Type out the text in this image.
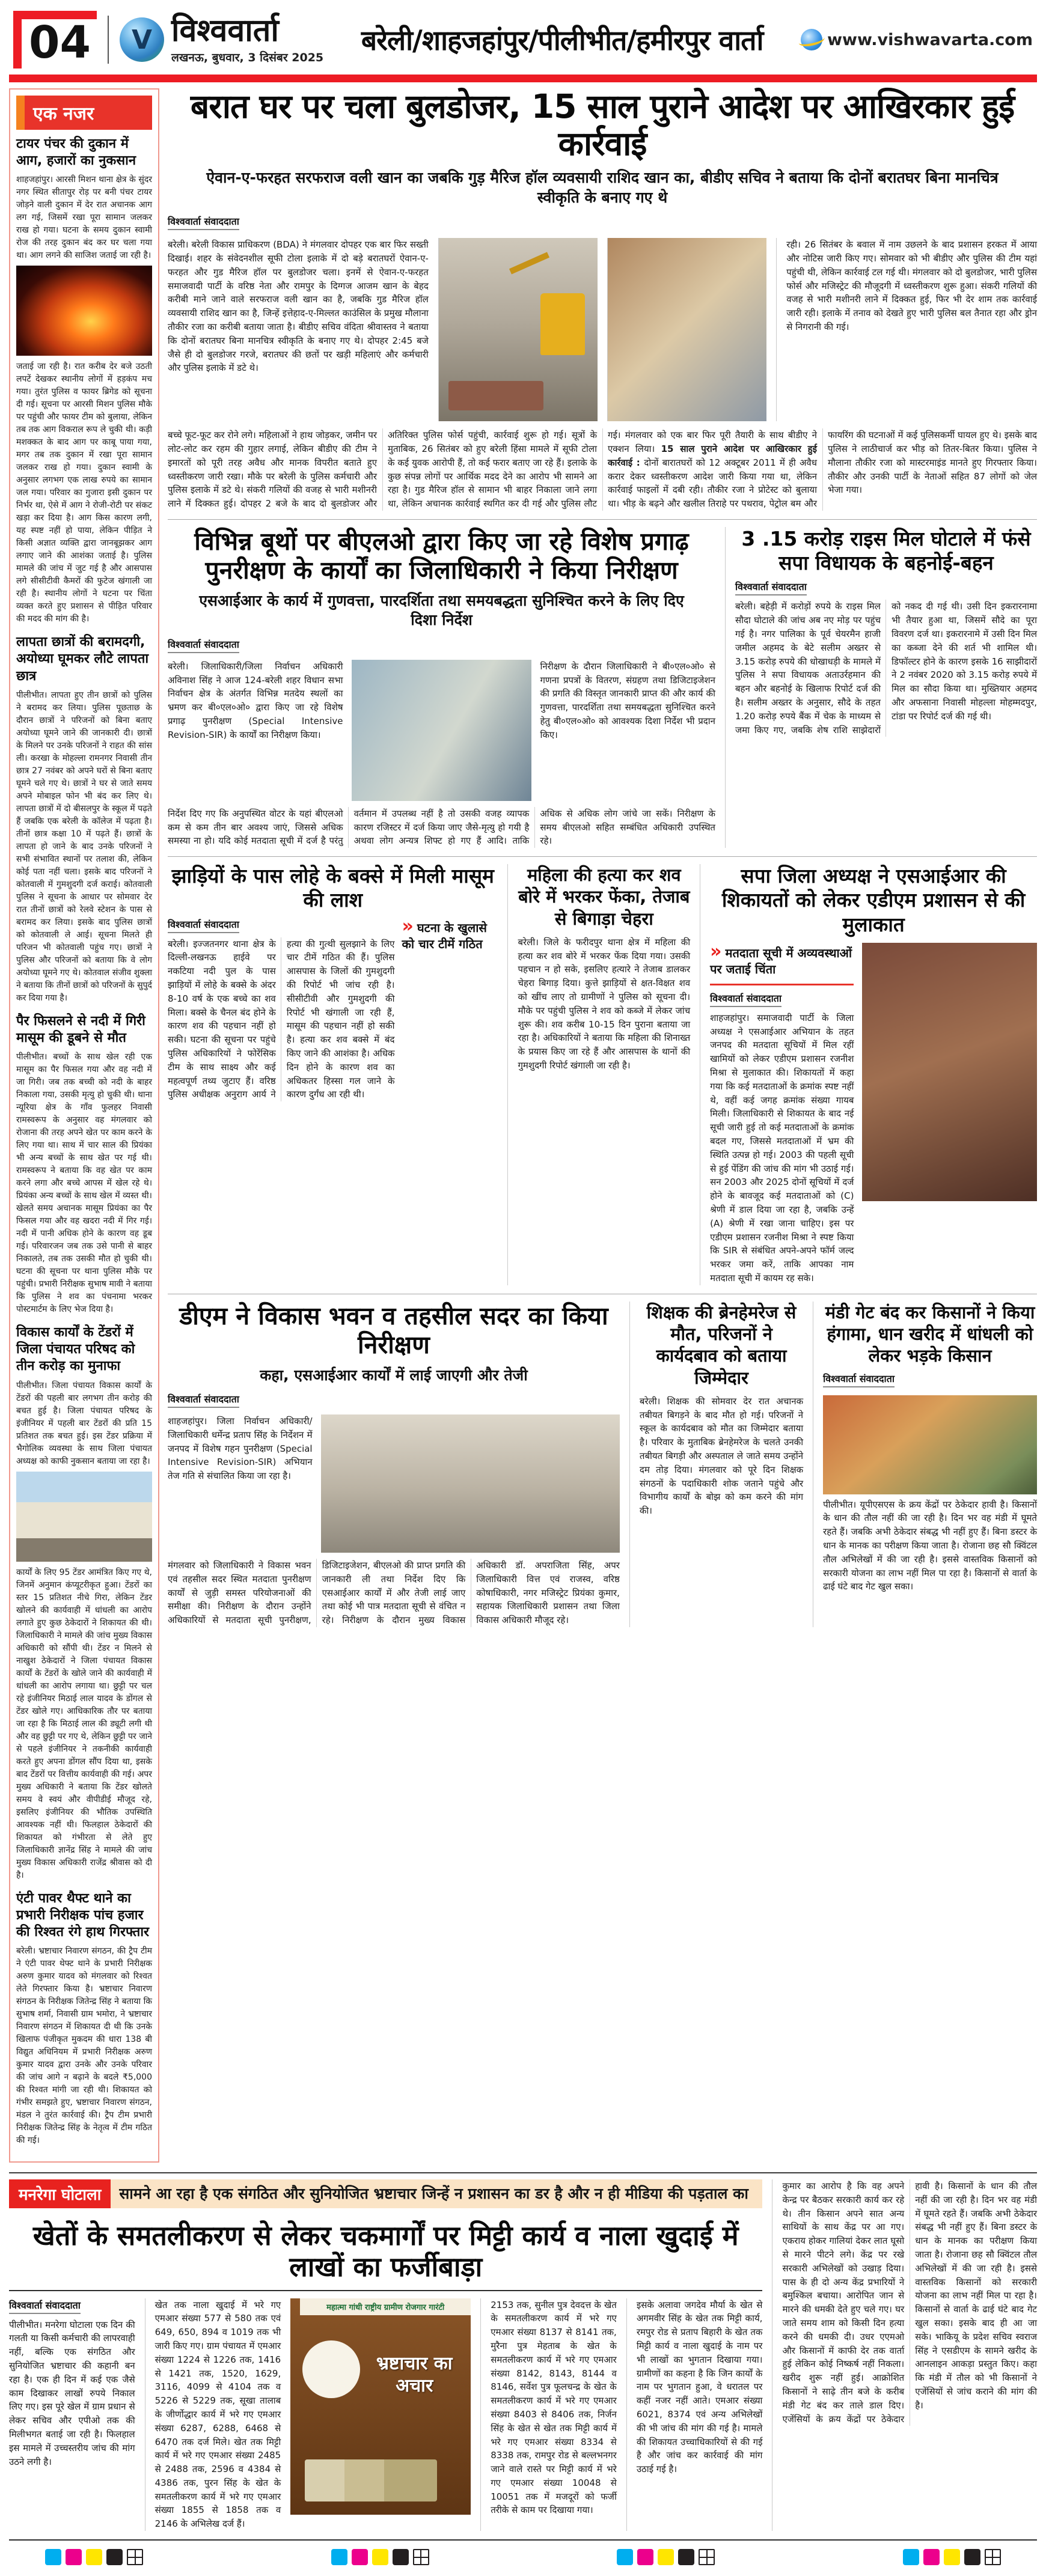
04	V विश्ववार्ता
लखनऊ, बुधवार, 3 दिसंबर 2025
बरेली/शाहजहांपुर/पीलीभीत/हमीरपुर वार्ता	www.vishwavarta.com
एक नजर
टायर पंचर की दुकान में आग, हजारों का नुकसान

शाहजहांपुर। आरसी मिशन थाना क्षेत्र के सुंदर नगर स्थित सीतापुर रोड़ पर बनी पंचर टायर जोड़ने वाली दुकान में देर रात अचानक आग लग गई, जिसमें रखा पूरा सामान जलकर राख हो गया। घटना के समय दुकान स्वामी रोज की तरह दुकान बंद कर घर चला गया था। आग लगने की साजिश जताई जा रही है।

जताई जा रही है। रात करीब देर बजे उठती लपटें देखकर स्थानीय लोगों में हड़कंप मच गया। तुरंत पुलिस व फायर ब्रिगेड को सूचना दी गई। सूचना पर आरसी मिशन पुलिस मौके पर पहुंची और फायर टीम को बुलाया, लेकिन तब तक आग विकराल रूप ले चुकी थी। कड़ी मशक्कत के बाद आग पर काबू पाया गया, मगर तब तक दुकान में रखा पूरा सामान जलकर राख हो गया। दुकान स्वामी के अनुसार लगभग एक लाख रुपये का सामान जल गया। परिवार का गुजारा इसी दुकान पर निर्भर था, ऐसे में आग ने रोजी-रोटी पर संकट खड़ा कर दिया है। आग किस कारण लगी, यह स्पष्ट नहीं हो पाया, लेकिन पीड़ित ने किसी अज्ञात व्यक्ति द्वारा जानबूझकर आग लगाए जाने की आशंका जताई है। पुलिस मामले की जांच में जुट गई है और आसपास लगे सीसीटीवी कैमरों की फुटेज खंगाली जा रही है। स्थानीय लोगों ने घटना पर चिंता व्यक्त करते हुए प्रशासन से पीड़ित परिवार की मदद की मांग की है।

लापता छात्रों की बरामदगी, अयोध्या घूमकर लौटे लापता छात्र

पीलीभीत। लापता हुए तीन छात्रों को पुलिस ने बरामद कर लिया। पुलिस पूछताछ के दौरान छात्रों ने परिजनों को बिना बताए अयोध्या घूमने जाने की जानकारी दी। छात्रों के मिलने पर उनके परिजनों ने राहत की सांस ली। करखा के मोहल्ला रामनगर निवासी तीन छात्र 27 नवंबर को अपने घरों से बिना बताए घूमने चले गए थे। छात्रों ने घर से जाते समय अपने मोबाइल फोन भी बंद कर लिए थे। लापता छात्रों में दो बीसलपुर के स्कूल में पढ़ते हैं जबकि एक बरेली के कॉलेज में पढ़ता है। तीनों छात्र कक्षा 10 में पढ़ते हैं। छात्रों के लापता हो जाने के बाद उनके परिजनों ने सभी संभावित स्थानों पर तलाश की, लेकिन कोई पता नहीं चला। इसके बाद परिजनों ने कोतवाली में गुमशुदगी दर्ज कराई। कोतवाली पुलिस ने सूचना के आधार पर सोमवार देर रात तीनों छात्रों को रेलवे स्टेशन के पास से बरामद कर लिया। इसके बाद पुलिस छात्रों को कोतवाली ले आई। सूचना मिलते ही परिजन भी कोतवाली पहुंच गए। छात्रों ने पुलिस और परिजनों को बताया कि वे लोग अयोध्या घूमने गए थे। कोतवाल संजीव शुक्ला ने बताया कि तीनों छात्रों को परिजनों के सुपुर्द कर दिया गया है।

पैर फिसलने से नदी में गिरी मासूम की डूबने से मौत

पीलीभीत। बच्चों के साथ खेल रही एक मासूम का पैर फिसल गया और वह नदी में जा गिरी। जब तक बच्ची को नदी के बाहर निकाला गया, उसकी मृत्यु हो चुकी थी। थाना न्यूरिया क्षेत्र के गाँव फुलहर निवासी रामस्वरूप के अनुसार वह मंगलवार को रोजाना की तरह अपने खेत पर काम करने के लिए गया था। साथ में चार साल की प्रियंका भी अन्य बच्चों के साथ खेत पर गई थी। रामस्वरूप ने बताया कि वह खेत पर काम करने लगा और बच्चे आपस में खेल रहे थे। प्रियंका अन्य बच्चों के साथ खेल में व्यस्त थी। खेलते समय अचानक मासूम प्रियंका का पैर फिसल गया और वह खदरा नदी में गिर गई। नदी में पानी अधिक होने के कारण वह डूब गई। परिवारजन जब तक उसे पानी से बाहर निकालते, तब तक उसकी मौत हो चुकी थी। घटना की सूचना पर थाना पुलिस मौके पर पहुंची। प्रभारी निरीक्षक सुभाष मावी ने बताया कि पुलिस ने शव का पंचनामा भरकर पोस्टमार्टम के लिए भेज दिया है।

विकास कार्यों के टेंडरों में जिला पंचायत परिषद को तीन करोड़ का मुनाफा

पीलीभीत। जिला पंचायत विकास कार्यों के टेंडरों की पहली बार लगभग तीन करोड़ की बचत हुई है। जिला पंचायत परिषद के इंजीनियर में पहली बार टेंडरों की प्रति 15 प्रतिशत तक बचत हुई। इस टेंडर प्रक्रिया में भैगोलिक व्यवस्था के साथ जिला पंचायत अध्यक्ष को काफी नुकसान बताया जा रहा है।

कार्यों के लिए 95 टेंडर आमंत्रित किए गए थे, जिनमें अनुमान कंप्यूटरीकृत हुआ। टेंडरों का स्तर 15 प्रतिशत नीचे गिरा, लेकिन टेंडर खोलने की कार्यवाही में धांधली का आरोप लगाते हुए कुछ ठेकेदारों ने शिकायत की थी। जिलाधिकारी ने मामले की जांच मुख्य विकास अधिकारी को सौंपी थी। टेंडर न मिलने से नाखुश ठेकेदारों ने जिला पंचायत विकास कार्यों के टेंडरों के खोले जाने की कार्यवाही में धांधली का आरोप लगाया था। छुट्टी पर चल रहे इंजीनियर मिठाई लाल यादव के डोंगल से टेंडर खोले गए। आधिकारिक तौर पर बताया जा रहा है कि मिठाई लाल की ड्यूटी लगी थी और वह छुट्टी पर गए थे, लेकिन छुट्टी पर जाने से पहले इंजीनियर ने तकनीकी कार्यवाही करते हुए अपना डोंगल सौंप दिया था, इसके बाद टेंडरों पर वित्तीय कार्यवाही की गई। अपर मुख्य अधिकारी ने बताया कि टेंडर खोलते समय वे स्वयं और वीपीडीई मौजूद रहे, इसलिए इंजीनियर की भौतिक उपस्थिति आवश्यक नहीं थी। फिलहाल ठेकेदारों की शिकायत को गंभीरता से लेते हुए जिलाधिकारी ज्ञानेंद्र सिंह ने मामले की जांच मुख्य विकास अधिकारी राजेंद्र श्रीवास को दी है।

एंटी पावर थैफ्ट थाने का प्रभारी निरीक्षक पांच हजार की रिश्वत रंगे हाथ गिरफ्तार

बरेली। भ्रष्टाचार निवारण संगठन, की ट्रैप टीम ने एंटी पावर थेफ्ट थाने के प्रभारी निरीक्षक अरुण कुमार यादव को मंगलवार को रिश्वत लेते गिरफ्तार किया है। भ्रष्टाचार निवारण संगठन के निरीक्षक जितेन्द्र सिंह ने बताया कि सुभाष शर्मा, निवासी ग्राम भमोरा, ने भ्रष्टाचार निवारण संगठन में शिकायत दी थी कि उनके खिलाफ पंजीकृत मुकदम की धारा 138 बी विद्युत अधिनियम में प्रभारी निरीक्षक अरुण कुमार यादव द्वारा उनके और उनके परिवार की जांच आगे न बढ़ाने के बदले ₹5,000 की रिश्वत मांगी जा रही थी। शिकायत को गंभीर समझते हुए, भ्रष्टाचार निवारण संगठन, मंडल ने तुरंत कार्रवाई की। ट्रैप टीम प्रभारी निरीक्षक जितेन्द्र सिंह के नेतृत्व में टीम गठित की गई।

बरात घर पर चला बुलडोजर, 15 साल पुराने आदेश पर आखिरकार हुई कार्रवाई
ऐवान-ए-फरहत सरफराज वली खान का जबकि गुड़ मैरिज हॉल व्यवसायी राशिद खान का, बीडीए सचिव ने बताया कि दोनों बरातघर बिना मानचित्र स्वीकृति के बनाए गए थे
विश्ववार्ता संवाददाता

बरेली। बरेली विकास प्राधिकरण (BDA) ने मंगलवार दोपहर एक बार फिर सख्ती दिखाई। शहर के संवेदनशील सूफी टोला इलाके में दो बड़े बरातघरों ऐवान-ए-फरहत और गुड मैरिज हॉल पर बुलडोजर चला। इनमें से ऐवान-ए-फरहत समाजवादी पार्टी के वरिष्ठ नेता और रामपुर के दिग्गज आजम खान के बेहद करीबी माने जाने वाले सरफराज वली खान का है, जबकि गुड मैरिज हॉल व्यवसायी राशिद खान का है, जिन्हें इत्तेहाद-ए-मिल्लत काउंसिल के प्रमुख मौलाना तौकीर रजा का करीबी बताया जाता है। बीडीए सचिव वंदिता श्रीवास्तव ने बताया कि दोनों बरातघर बिना मानचित्र स्वीकृति के बनाए गए थे। दोपहर 2:45 बजे जैसे ही दो बुलडोजर गरजे, बरातघर की छतों पर खड़ी महिलाएं और कर्मचारी और पुलिस इलाके में डटे थे।

रही। 26 सितंबर के बवाल में नाम उछलने के बाद प्रशासन हरकत में आया और नोटिस जारी किए गए। सोमवार को भी बीडीए और पुलिस की टीम यहां पहुंची थी, लेकिन कार्रवाई टल गई थी। मंगलवार को दो बुलडोजर, भारी पुलिस फोर्स और मजिस्ट्रेट की मौजूदगी में ध्वस्तीकरण शुरू हुआ। संकरी गलियों की वजह से भारी मशीनरी लाने में दिक्कत हुई, फिर भी देर शाम तक कार्रवाई जारी रही। इलाके में तनाव को देखते हुए भारी पुलिस बल तैनात रहा और ड्रोन से निगरानी की गई।

बच्चे फूट-फूट कर रोने लगे। महिलाओं ने हाथ जोड़कर, जमीन पर लोट-लोट कर रहम की गुहार लगाई, लेकिन बीडीए की टीम ने इमारतों को पूरी तरह अवैध और मानक विपरीत बताते हुए ध्वस्तीकरण जारी रखा। मौके पर बरेली के पुलिस कर्मचारी और पुलिस इलाके में डटे थे। संकरी गलियों की वजह से भारी मशीनरी लाने में दिक्कत हुई। दोपहर 2 बजे के बाद दो बुलडोजर और अतिरिक्त पुलिस फोर्स पहुंची, कार्रवाई शुरू हो गई। सूत्रों के मुताबिक, 26 सितंबर को हुए बरेली हिंसा मामले में सूफी टोला के कई युवक आरोपी हैं, तो कई फरार बताए जा रहे हैं। इलाके के कुछ संपन्न लोगों पर आर्थिक मदद देने का आरोप भी सामने आ रहा है। गुड मैरिज हॉल से सामान भी बाहर निकाला जाने लगा था, लेकिन अचानक कार्रवाई स्थगित कर दी गई और पुलिस लौट गई। मंगलवार को एक बार फिर पूरी तैयारी के साथ बीडीए ने एक्शन लिया। 15 साल पुराने आदेश पर आखिरकार हुई कार्रवाई : दोनों बारातघरों को 12 अक्टूबर 2011 में ही अवैध करार देकर ध्वस्तीकरण आदेश जारी किया गया था, लेकिन कार्रवाई फाइलों में दबी रही। तौकीर रजा ने प्रोटेस्ट को बुलाया था। भीड़ के बढ़ने और खलील तिराहे पर पथराव, पेट्रोल बम और फायरिंग की घटनाओं में कई पुलिसकर्मी घायल हुए थे। इसके बाद पुलिस ने लाठीचार्ज कर भीड़ को तितर-बितर किया। पुलिस ने मौलाना तौकीर रजा को मास्टरमाइंड मानते हुए गिरफ्तार किया। तौकीर और उनकी पार्टी के नेताओं सहित 87 लोगों को जेल भेजा गया।

विभिन्न बूथों पर बीएलओ द्वारा किए जा रहे विशेष प्रगाढ़ पुनरीक्षण के कार्यों का जिलाधिकारी ने किया निरीक्षण
एसआईआर के कार्य में गुणवत्ता, पारदर्शिता तथा समयबद्धता सुनिश्चित करने के लिए दिए दिशा निर्देश
विश्ववार्ता संवाददाता

बरेली। जिलाधिकारी/जिला निर्वाचन अधिकारी अविनाश सिंह ने आज 124-बरेली शहर विधान सभा निर्वाचन क्षेत्र के अंतर्गत विभिन्न मतदेय स्थलों का भ्रमण कर बी०एल०ओ० द्वारा किए जा रहे विशेष प्रगाढ़ पुनरीक्षण (Special Intensive Revision-SIR) के कार्यों का निरीक्षण किया।

निरीक्षण के दौरान जिलाधिकारी ने बी०एल०ओ० से गणना प्रपत्रों के वितरण, संग्रहण तथा डिजिटाइजेशन की प्रगति की विस्तृत जानकारी प्राप्त की और कार्य की गुणवत्ता, पारदर्शिता तथा समयबद्धता सुनिश्चित करने हेतु बी०एल०ओ० को आवश्यक दिशा निर्देश भी प्रदान किए।

निर्देश दिए गए कि अनुपस्थित वोटर के यहां बीएलओ कम से कम तीन बार अवश्य जाएं, जिससे अधिक समस्या ना हो। यदि कोई मतदाता सूची में दर्ज है परंतु वर्तमान में उपलब्ध नहीं है तो उसकी वजह व्यापक कारण रजिस्टर में दर्ज किया जाए जैसे-मृत्यु हो गयी है अथवा लोग अन्यत्र शिफ्ट हो गए हैं आदि। ताकि अधिक से अधिक लोग जांचे जा सकें। निरीक्षण के समय बीएलओ सहित सम्बंधित अधिकारी उपस्थित रहे।

3 .15 करोड़ राइस मिल घोटाले में फंसे सपा विधायक के बहनोई-बहन
विश्ववार्ता संवाददाता

बरेली। बहेड़ी में करोड़ों रुपये के राइस मिल सौदा घोटाले की जांच अब नए मोड़ पर पहुंच गई है। नगर पालिका के पूर्व चेयरमैन हाजी जमील अहमद के बेटे सलीम अख्तर से 3.15 करोड़ रुपये की धोखाधड़ी के मामले में पुलिस ने सपा विधायक अताउर्रहमान की बहन और बहनोई के खिलाफ रिपोर्ट दर्ज की है। सलीम अख्तर के अनुसार, सौदे के तहत 1.20 करोड़ रुपये बैंक में चेक के माध्यम से जमा किए गए, जबकि शेष राशि साझेदारों को नकद दी गई थी। उसी दिन इकरारनामा भी तैयार हुआ था, जिसमें सौदे का पूरा विवरण दर्ज था। इकरारनामे में उसी दिन मिल का कब्जा देने की शर्त भी शामिल थी। डिफॉल्टर होने के कारण इसके 16 साझीदारों ने 2 नवंबर 2020 को 3.15 करोड़ रुपये में मिल का सौदा किया था। मुख्तियार अहमद और अफसाना निवासी मोहल्ला मोहम्मदपुर, टांडा पर रिपोर्ट दर्ज की गई थी।

झाड़ियों के पास लोहे के बक्से में मिली मासूम की लाश
विश्ववार्ता संवाददाता

बरेली। इज्जतनगर थाना क्षेत्र के दिल्ली-लखनऊ हाईवे पर नकटिया नदी पुल के पास झाड़ियों में लोहे के बक्से के अंदर 8-10 वर्ष के एक बच्चे का शव मिला। बक्से के चैनल बंद होने के कारण शव की पहचान नहीं हो सकी। घटना की सूचना पर पहुंचे पुलिस अधिकारियों ने फोरेंसिक टीम के साथ साक्ष्य और कई महत्वपूर्ण तथ्य जुटाए हैं। वरिष्ठ पुलिस अधीक्षक अनुराग आर्य ने हत्या की गुत्थी सुलझाने के लिए चार टीमें गठित की हैं। पुलिस आसपास के जिलों की गुमशुदगी की रिपोर्ट भी जांच रही है। सीसीटीवी और गुमशुदगी की रिपोर्ट भी खंगाली जा रही हैं, मासूम की पहचान नहीं हो सकी है। हत्या कर शव बक्से में बंद किए जाने की आशंका है। अधिक दिन होने के कारण शव का अधिकतर हिस्सा गल जाने के कारण दुर्गंध आ रही थी।

» घटना के खुलासे को चार टीमें गठित
महिला की हत्या कर शव बोरे में भरकर फेंका, तेजाब से बिगाड़ा चेहरा

बरेली। जिले के फरीदपुर थाना क्षेत्र में महिला की हत्या कर शव बोरे में भरकर फेंक दिया गया। उसकी पहचान न हो सके, इसलिए हत्यारे ने तेजाब डालकर चेहरा बिगाड़ दिया। कुत्ते झाड़ियों से क्षत-विक्षत शव को खींच लाए तो ग्रामीणों ने पुलिस को सूचना दी। मौके पर पहुंची पुलिस ने शव को कब्जे में लेकर जांच शुरू की। शव करीब 10-15 दिन पुराना बताया जा रहा है। अधिकारियों ने बताया कि महिला की शिनाख्त के प्रयास किए जा रहे हैं और आसपास के थानों की गुमशुदगी रिपोर्ट खंगाली जा रही है।

सपा जिला अध्यक्ष ने एसआईआर की शिकायतों को लेकर एडीएम प्रशासन से की मुलाकात
» मतदाता सूची में अव्यवस्थाओं पर जताई चिंता
विश्ववार्ता संवाददाता

शाहजहांपुर। समाजवादी पार्टी के जिला अध्यक्ष ने एसआईआर अभियान के तहत जनपद की मतदाता सूचियों में मिल रहीं खामियों को लेकर एडीएम प्रशासन रजनीश मिश्रा से मुलाकात की। शिकायतों में कहा गया कि कई मतदाताओं के क्रमांक स्पष्ट नहीं थे, वहीं कई जगह क्रमांक संख्या गायब मिली। जिलाधिकारी से शिकायत के बाद नई सूची जारी हुई तो कई मतदाताओं के क्रमांक बदल गए, जिससे मतदाताओं में भ्रम की स्थिति उत्पन्न हो गई। 2003 की पहली सूची से हुई पेंडिंग की जांच की मांग भी उठाई गई। सन 2003 और 2025 दोनों सूचियों में दर्ज होने के बावजूद कई मतदाताओं को (C) श्रेणी में डाल दिया जा रहा है, जबकि उन्हें (A) श्रेणी में रखा जाना चाहिए। इस पर एडीएम प्रशासन रजनीश मिश्रा ने स्पष्ट किया कि SIR से संबंधित अपने-अपने फॉर्म जल्द भरकर जमा करें, ताकि आपका नाम मतदाता सूची में कायम रह सके।

डीएम ने विकास भवन व तहसील सदर का किया निरीक्षण
कहा, एसआईआर कार्यों में लाई जाएगी और तेजी
विश्ववार्ता संवाददाता

शाहजहांपुर। जिला निर्वाचन अधिकारी/जिलाधिकारी धर्मेन्द्र प्रताप सिंह के निर्देशन में जनपद में विशेष गहन पुनरीक्षण (Special Intensive Revision-SIR) अभियान तेज गति से संचालित किया जा रहा है।

मंगलवार को जिलाधिकारी ने विकास भवन एवं तहसील सदर स्थित मतदाता पुनरीक्षण कार्यों से जुड़ी समस्त परियोजनाओं की समीक्षा की। निरीक्षण के दौरान उन्होंने अधिकारियों से मतदाता सूची पुनरीक्षण, डिजिटाइजेशन, बीएलओ की प्राप्त प्रगति की जानकारी ली तथा निर्देश दिए कि एसआईआर कार्यों में और तेजी लाई जाए तथा कोई भी पात्र मतदाता सूची से वंचित न रहे। निरीक्षण के दौरान मुख्य विकास अधिकारी डॉ. अपराजिता सिंह, अपर जिलाधिकारी वित्त एवं राजस्व, वरिष्ठ कोषाधिकारी, नगर मजिस्ट्रेट प्रियंका कुमार, सहायक जिलाधिकारी प्रशासन तथा जिला विकास अधिकारी मौजूद रहे।

शिक्षक की ब्रेनहेमरेज से मौत, परिजनों ने कार्यदबाव को बताया जिम्मेदार

बरेली। शिक्षक की सोमवार देर रात अचानक तबीयत बिगड़ने के बाद मौत हो गई। परिजनों ने स्कूल के कार्यदबाव को मौत का जिम्मेदार बताया है। परिवार के मुताबिक ब्रेनहेमरेज के चलते उनकी तबीयत बिगड़ी और अस्पताल ले जाते समय उन्होंने दम तोड़ दिया। मंगलवार को पूरे दिन शिक्षक संगठनों के पदाधिकारी शोक जताने पहुंचे और विभागीय कार्यों के बोझ को कम करने की मांग की।

मंडी गेट बंद कर किसानों ने किया हंगामा, धान खरीद में धांधली को लेकर भड़के किसान
विश्ववार्ता संवाददाता

पीलीभीत। यूपीएसएस के क्रय केंद्रों पर ठेकेदार हावी है। किसानों के धान की तौल नहीं की जा रही है। दिन भर वह मंडी में घूमते रहते हैं। जबकि अभी ठेकेदार संबद्ध भी नहीं हुए हैं। बिना डस्टर के धान के मानक का परीक्षण किया जाता है। रोजाना छह सौ क्विंटल तौल अभिलेखों में की जा रही है। इससे वास्तविक किसानों को सरकारी योजना का लाभ नहीं मिल पा रहा है। किसानों से वार्ता के ढाई घंटे बाद गेट खुल सका।

मनरेगा घोटाला	सामने आ रहा है एक संगठित और सुनियोजित भ्रष्टाचार जिन्हें न प्रशासन का डर है और न ही मीडिया की पड़ताल का
खेतों के समतलीकरण से लेकर चकमार्गों पर मिट्टी कार्य व नाला खुदाई में लाखों का फर्जीबाड़ा
विश्ववार्ता संवाददाता

पीलीभीत। मनरेगा घोटाला एक दिन की गलती या किसी कर्मचारी की लापरवाही नहीं, बल्कि एक संगठित और सुनियोजित भ्रष्टाचार की कहानी बन रहा है। एक ही दिन में कई एक जैसे काम दिखाकर लाखों रुपये निकाल लिए गए। इस पूरे खेल में ग्राम प्रधान से लेकर सचिव और एपीओ तक की मिलीभगत बताई जा रही है। फिलहाल इस मामले में उच्चस्तरीय जांच की मांग उठने लगी है।

खेत तक नाला खुदाई में भरे गए एमआर संख्या 577 से 580 तक एवं 649, 650, 894 व 1019 तक भी जारी किए गए। ग्राम पंचायत में एमआर संख्या 1224 से 1226 तक, 1416 से 1421 तक, 1520, 1629, 3116, 4099 से 4104 तक व 5226 से 5229 तक, सूखा तालाब के जीर्णोद्धार कार्य में भरे गए एमआर संख्या 6287, 6288, 6468 से 6470 तक दर्ज मिले। खेत तक मिट्टी कार्य में भरे गए एमआर संख्या 2485 से 2488 तक, 2596 व 4384 से 4386 तक, पुरन सिंह के खेत के समतलीकरण कार्य में भरे गए एमआर संख्या 1855 से 1858 तक व 2146 के अभिलेख दर्ज हैं।

महात्मा गांधी राष्ट्रीय ग्रामीण रोजगार गारंटी
भ्रष्टाचार का अचार

2153 तक, सुनील पुत्र देवदत्त के खेत के समतलीकरण कार्य में भरे गए एमआर संख्या 8137 से 8141 तक, मुरैना पुत्र मेहताब के खेत के समतलीकरण कार्य में भरे गए एमआर संख्या 8142, 8143, 8144 व 8146, सर्वेश पुत्र फूलचन्द्र के खेत के समतलीकरण कार्य में भरे गए एमआर संख्या 8403 से 8406 तक, निर्जन सिंह के खेत से खेत तक मिट्टी कार्य में भरे गए एमआर संख्या 8334 से 8338 तक, रामपुर रोड से बल्लभनगर जाने वाले रास्ते पर मिट्टी कार्य में भरे गए एमआर संख्या 10048 से 10051 तक में मजदूरों को फर्जी तरीके से काम पर दिखाया गया।

इसके अलावा जगदेव मौर्या के खेत से अगमवीर सिंह के खेत तक मिट्टी कार्य, रमपुर रोड से प्रताप बिहारी के खेत तक मिट्टी कार्य व नाला खुदाई के नाम पर भी लाखों का भुगतान दिखाया गया। ग्रामीणों का कहना है कि जिन कार्यों के नाम पर भुगतान हुआ, वे धरातल पर कहीं नजर नहीं आते। एमआर संख्या 6021, 8374 एवं अन्य अभिलेखों की भी जांच की मांग की गई है। मामले की शिकायत उच्चाधिकारियों से की गई है और जांच कर कार्रवाई की मांग उठाई गई है।

कुमार का आरोप है कि वह अपने केन्द्र पर बैठकर सरकारी कार्य कर रहे थे। तीन किसान अपने सात अन्य साथियों के साथ केंद्र पर आ गए। एकराय होकर गालियां देकर लात घूसो से मारने पीटने लगे। केंद्र पर रखे सरकारी अभिलेखों को उखाड़ दिया। पास के ही दो अन्य केंद्र प्रभारियों ने बमुश्किल बचाया। आरोपित जान से मारने की धमकी देते हुए चले गए। घर जाते समय शाम को किसी दिन हत्या करने की धमकी दी। उधर एएमओ और किसानों में काफी देर तक वार्ता हुई लेकिन कोई निष्कर्ष नहीं निकला। खरीद शुरू नहीं हुई। आक्रोशित किसानों ने साढ़े तीन बजे के करीब मंडी गेट बंद कर ताले डाल दिए। एजेंसियों के क्रय केंद्रों पर ठेकेदार हावी है। किसानों के धान की तौल नहीं की जा रही है। दिन भर वह मंडी में घूमते रहते हैं। जबकि अभी ठेकेदार संबद्ध भी नहीं हुए हैं। बिना डस्टर के धान के मानक का परीक्षण किया जाता है। रोजाना छह सौ क्विंटल तौल अभिलेखों में की जा रही है। इससे वास्तविक किसानों को सरकारी योजना का लाभ नहीं मिल पा रहा है। किसानों से वार्ता के ढाई घंटे बाद गेट खुल सका। इसके बाद ही आ जा सके। भाकियू के प्रदेश सचिव स्वराज सिंह ने एसडीएम के सामने खरीद के आनलाइन आकड़ा प्रस्तुत किए। कहा कि मंडी में तौल को भी किसानों ने एजेंसियों से जांच कराने की मांग की है।
